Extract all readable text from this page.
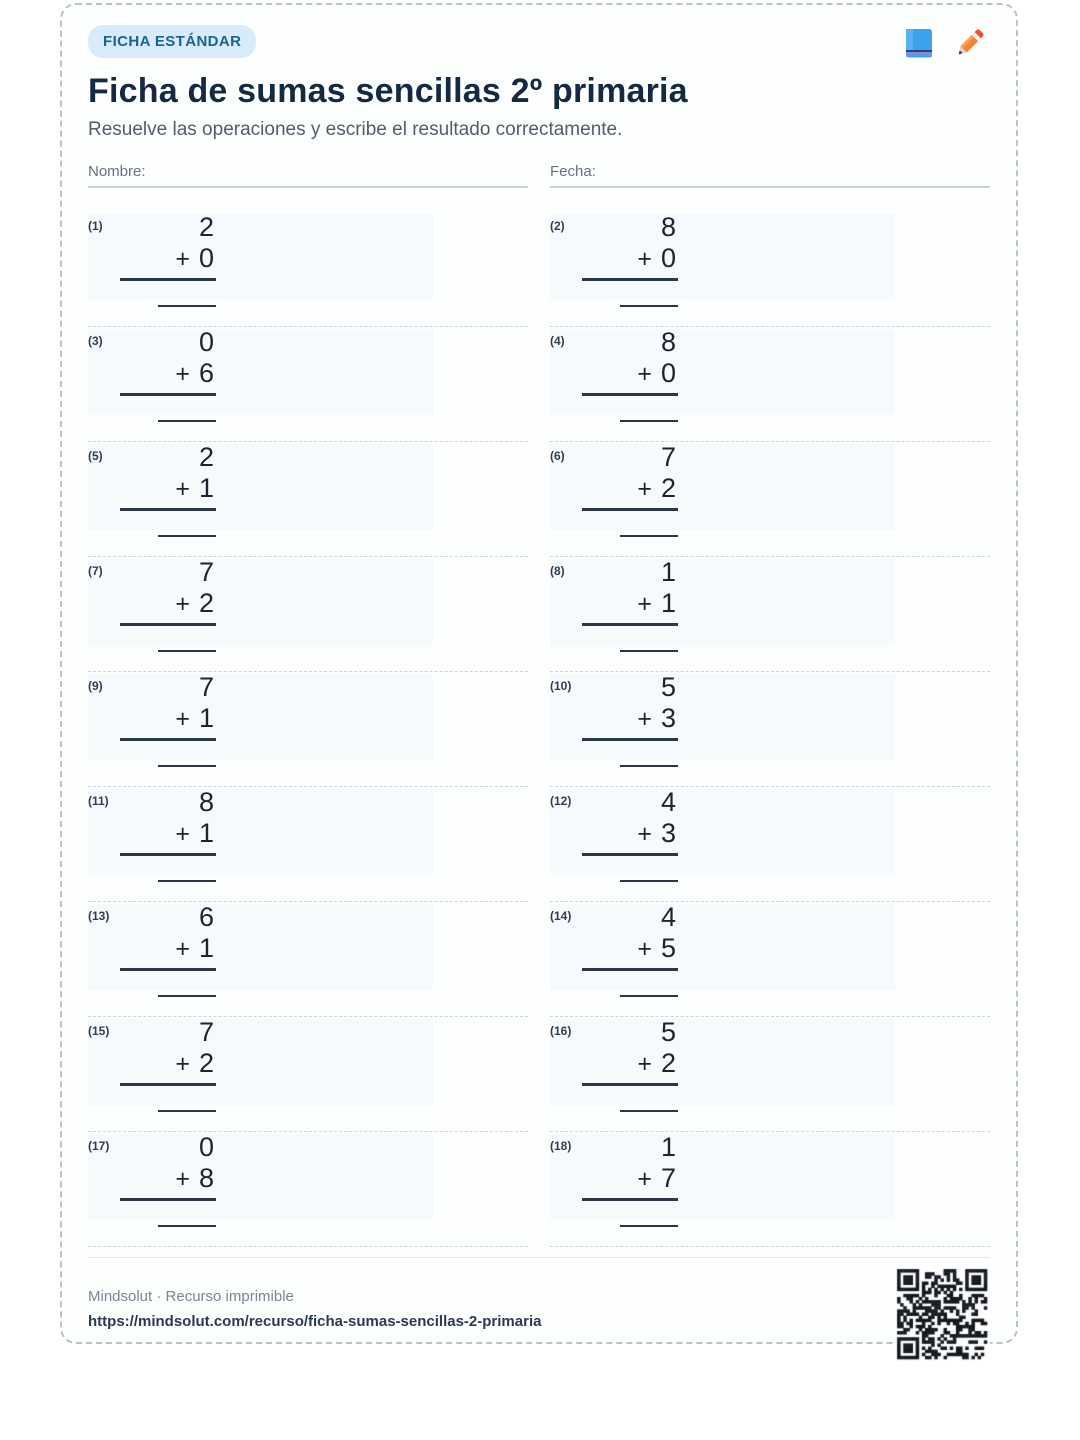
FICHA ESTÁNDAR
Ficha de sumas sencillas 2º primaria
Resuelve las operaciones y escribe el resultado correctamente.
Nombre:	Fecha:
(1)	2
+ 0
(2)	8
+ 0
(3)	0
+ 6
(4)	8
+ 0
(5)	2
+ 1
(6)	7
+ 2
(7)	7
+ 2
(8)	1
+ 1
(9)	7
+ 1
(10)	5
+ 3
(11)	8
+ 1
(12)	4
+ 3
(13)	6
+ 1
(14)	4
+ 5
(15)	7
+ 2
(16)	5
+ 2
(17)	0
+ 8
(18)	1
+ 7
Mindsolut · Recurso imprimible
https://mindsolut.com/recurso/ficha-sumas-sencillas-2-primaria
